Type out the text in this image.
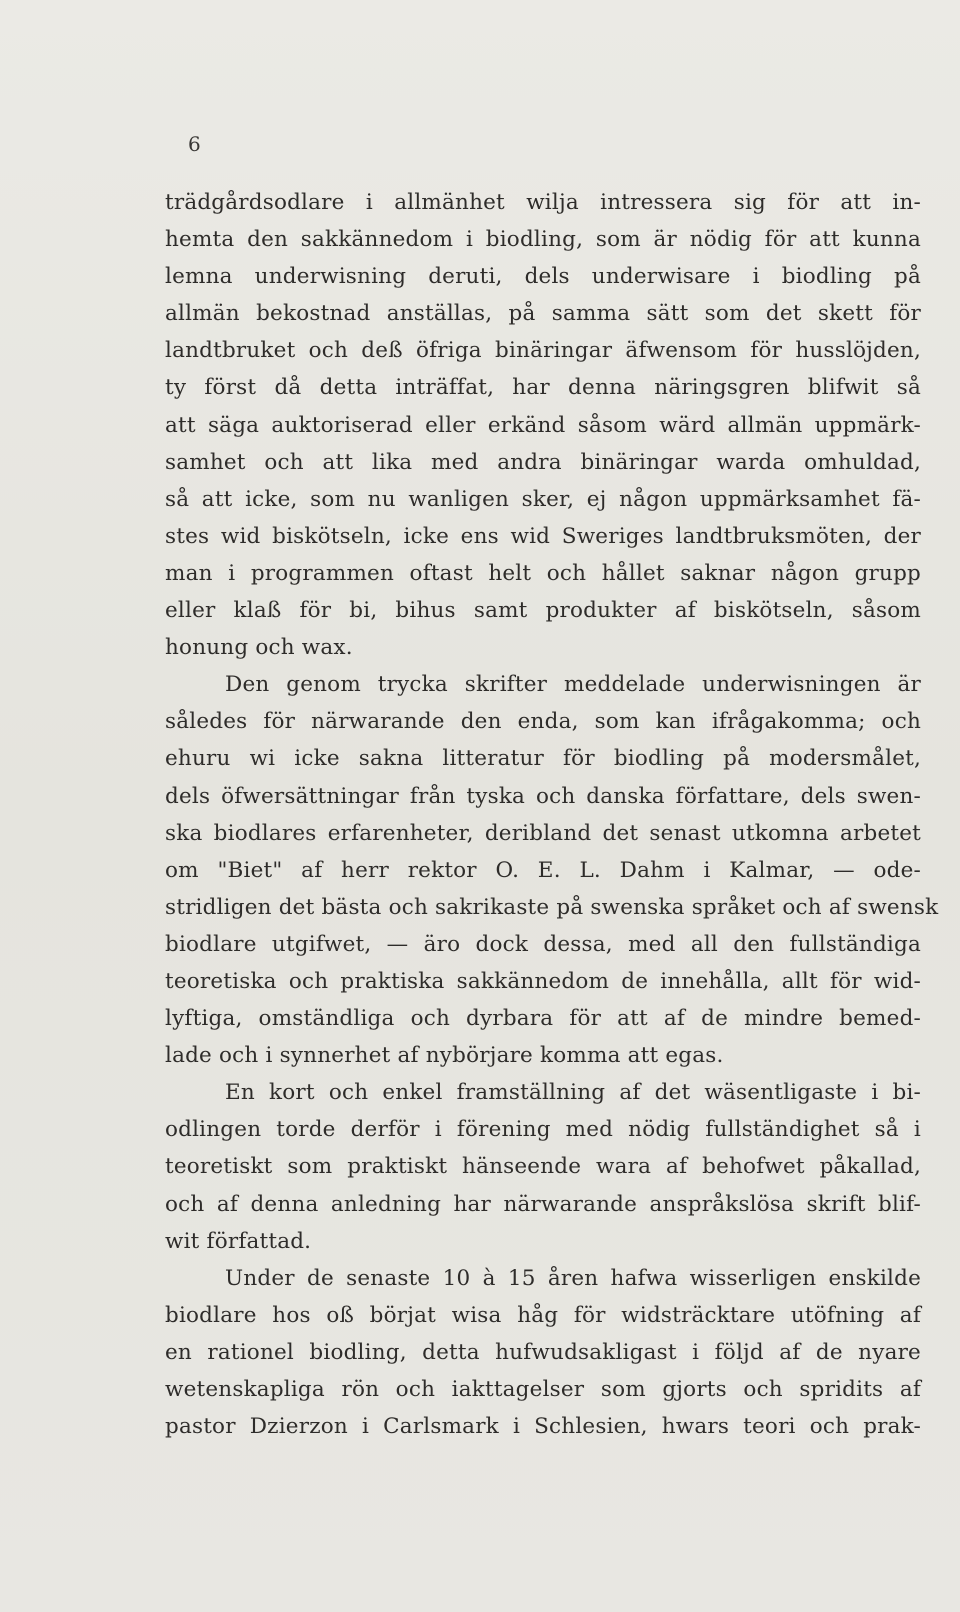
6
trädgårdsodlare i allmänhet wilja intressera sig för att in-
hemta den sakkännedom i biodling, som är nödig för att kunna
lemna underwisning deruti, dels underwisare i biodling på
allmän bekostnad anställas, på samma sätt som det skett för
landtbruket och deß öfriga binäringar äfwensom för husslöjden,
ty först då detta inträffat, har denna näringsgren blifwit så
att säga auktoriserad eller erkänd såsom wärd allmän uppmärk-
samhet och att lika med andra binäringar warda omhuldad,
så att icke, som nu wanligen sker, ej någon uppmärksamhet fä-
stes wid biskötseln, icke ens wid Sweriges landtbruksmöten, der
man i programmen oftast helt och hållet saknar någon grupp
eller klaß för bi, bihus samt produkter af biskötseln, såsom
honung och wax.
Den genom trycka skrifter meddelade underwisningen är
således för närwarande den enda, som kan ifrågakomma; och
ehuru wi icke sakna litteratur för biodling på modersmålet,
dels öfwersättningar från tyska och danska författare, dels swen-
ska biodlares erfarenheter, deribland det senast utkomna arbetet
om "Biet" af herr rektor O. E. L. Dahm i Kalmar, — ode-
stridligen det bästa och sakrikaste på swenska språket och af swensk
biodlare utgifwet, — äro dock dessa, med all den fullständiga
teoretiska och praktiska sakkännedom de innehålla, allt för wid-
lyftiga, omständliga och dyrbara för att af de mindre bemed-
lade och i synnerhet af nybörjare komma att egas.
En kort och enkel framställning af det wäsentligaste i bi-
odlingen torde derför i förening med nödig fullständighet så i
teoretiskt som praktiskt hänseende wara af behofwet påkallad,
och af denna anledning har närwarande anspråkslösa skrift blif-
wit författad.
Under de senaste 10 à 15 åren hafwa wisserligen enskilde
biodlare hos oß börjat wisa håg för widsträcktare utöfning af
en rationel biodling, detta hufwudsakligast i följd af de nyare
wetenskapliga rön och iakttagelser som gjorts och spridits af
pastor Dzierzon i Carlsmark i Schlesien, hwars teori och prak-
